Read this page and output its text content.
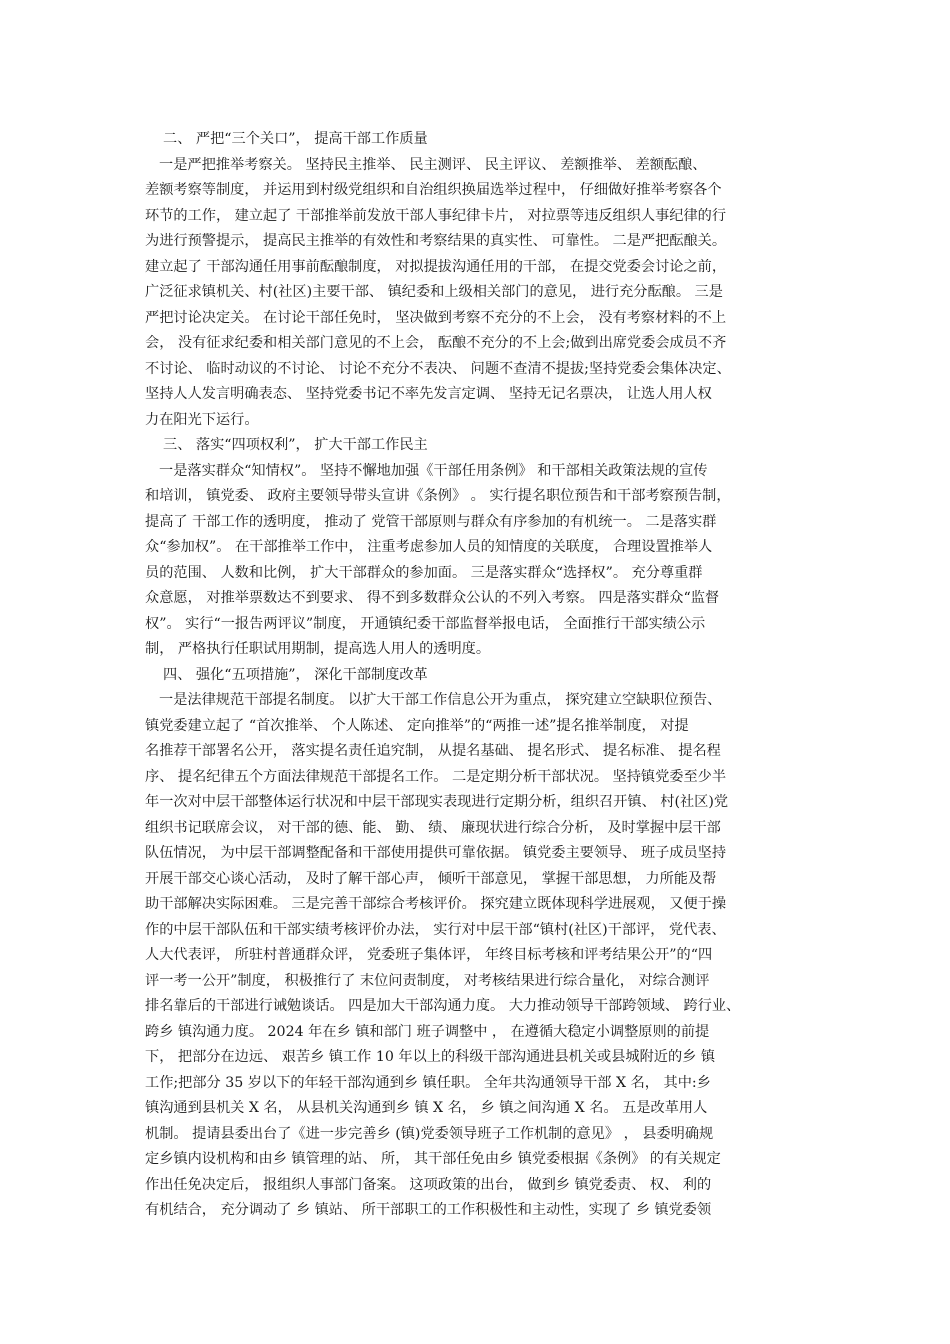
二、 严把“三个关口”， 提高干部工作质量
一是严把推举考察关。 坚持民主推举、 民主测评、 民主评议、 差额推举、 差额酝酿、
差额考察等制度， 并运用到村级党组织和自治组织换届选举过程中， 仔细做好推举考察各个
环节的工作， 建立起了 干部推举前发放干部人事纪律卡片， 对拉票等违反组织人事纪律的行
为进行预警提示， 提高民主推举的有效性和考察结果的真实性、 可靠性。 二是严把酝酿关。
建立起了 干部沟通任用事前酝酿制度， 对拟提拔沟通任用的干部， 在提交党委会讨论之前，
广泛征求镇机关、村(社区)主要干部、 镇纪委和上级相关部门的意见， 进行充分酝酿。 三是
严把讨论决定关。 在讨论干部任免时， 坚决做到考察不充分的不上会， 没有考察材料的不上
会， 没有征求纪委和相关部门意见的不上会， 酝酿不充分的不上会;做到出席党委会成员不齐
不讨论、 临时动议的不讨论、 讨论不充分不表决、 问题不查清不提拔;坚持党委会集体决定、
坚持人人发言明确表态、 坚持党委书记不率先发言定调、 坚持无记名票决， 让选人用人权
力在阳光下运行。
三、 落实“四项权利”， 扩大干部工作民主
一是落实群众“知情权”。 坚持不懈地加强《干部任用条例》 和干部相关政策法规的宣传
和培训， 镇党委、 政府主要领导带头宣讲《条例》 。 实行提名职位预告和干部考察预告制，
提高了 干部工作的透明度， 推动了 党管干部原则与群众有序参加的有机统一。 二是落实群
众“参加权”。 在干部推举工作中， 注重考虑参加人员的知情度的关联度， 合理设置推举人
员的范围、 人数和比例， 扩大干部群众的参加面。 三是落实群众“选择权”。 充分尊重群
众意愿， 对推举票数达不到要求、 得不到多数群众公认的不列入考察。 四是落实群众“监督
权”。 实行“一报告两评议”制度， 开通镇纪委干部监督举报电话， 全面推行干部实绩公示
制， 严格执行任职试用期制，提高选人用人的透明度。
四、 强化“五项措施”， 深化干部制度改革
一是法律规范干部提名制度。 以扩大干部工作信息公开为重点， 探究建立空缺职位预告、
镇党委建立起了 “首次推举、 个人陈述、 定向推举”的“两推一述”提名推举制度， 对提
名推荐干部署名公开， 落实提名责任追究制， 从提名基础、 提名形式、 提名标准、 提名程
序、 提名纪律五个方面法律规范干部提名工作。 二是定期分析干部状况。 坚持镇党委至少半
年一次对中层干部整体运行状况和中层干部现实表现进行定期分析，组织召开镇、 村(社区)党
组织书记联席会议， 对干部的德、能、 勤、 绩、 廉现状进行综合分析， 及时掌握中层干部
队伍情况， 为中层干部调整配备和干部使用提供可靠依据。 镇党委主要领导、 班子成员坚持
开展干部交心谈心活动， 及时了解干部心声， 倾听干部意见， 掌握干部思想， 力所能及帮
助干部解决实际困难。 三是完善干部综合考核评价。 探究建立既体现科学进展观， 又便于操
作的中层干部队伍和干部实绩考核评价办法， 实行对中层干部“镇村(社区)干部评， 党代表、
人大代表评， 所驻村普通群众评， 党委班子集体评， 年终目标考核和评考结果公开”的“四
评一考一公开”制度， 积极推行了 末位问责制度， 对考核结果进行综合量化， 对综合测评
排名靠后的干部进行诫勉谈话。 四是加大干部沟通力度。 大力推动领导干部跨领域、 跨行业、
跨乡 镇沟通力度。 2024 年在乡 镇和部门 班子调整中 ， 在遵循大稳定小调整原则的前提
下， 把部分在边远、 艰苦乡 镇工作 10 年以上的科级干部沟通进县机关或县城附近的乡 镇
工作;把部分 35 岁以下的年轻干部沟通到乡 镇任职。 全年共沟通领导干部 X 名， 其中:乡
镇沟通到县机关 X 名， 从县机关沟通到乡 镇 X 名， 乡 镇之间沟通 X 名。 五是改革用人
机制。 提请县委出台了《进一步完善乡 (镇)党委领导班子工作机制的意见》 ， 县委明确规
定乡镇内设机构和由乡 镇管理的站、 所， 其干部任免由乡 镇党委根据《条例》 的有关规定
作出任免决定后， 报组织人事部门备案。 这项政策的出台， 做到乡 镇党委责、 权、 利的
有机结合， 充分调动了 乡 镇站、 所干部职工的工作积极性和主动性，实现了 乡 镇党委领
